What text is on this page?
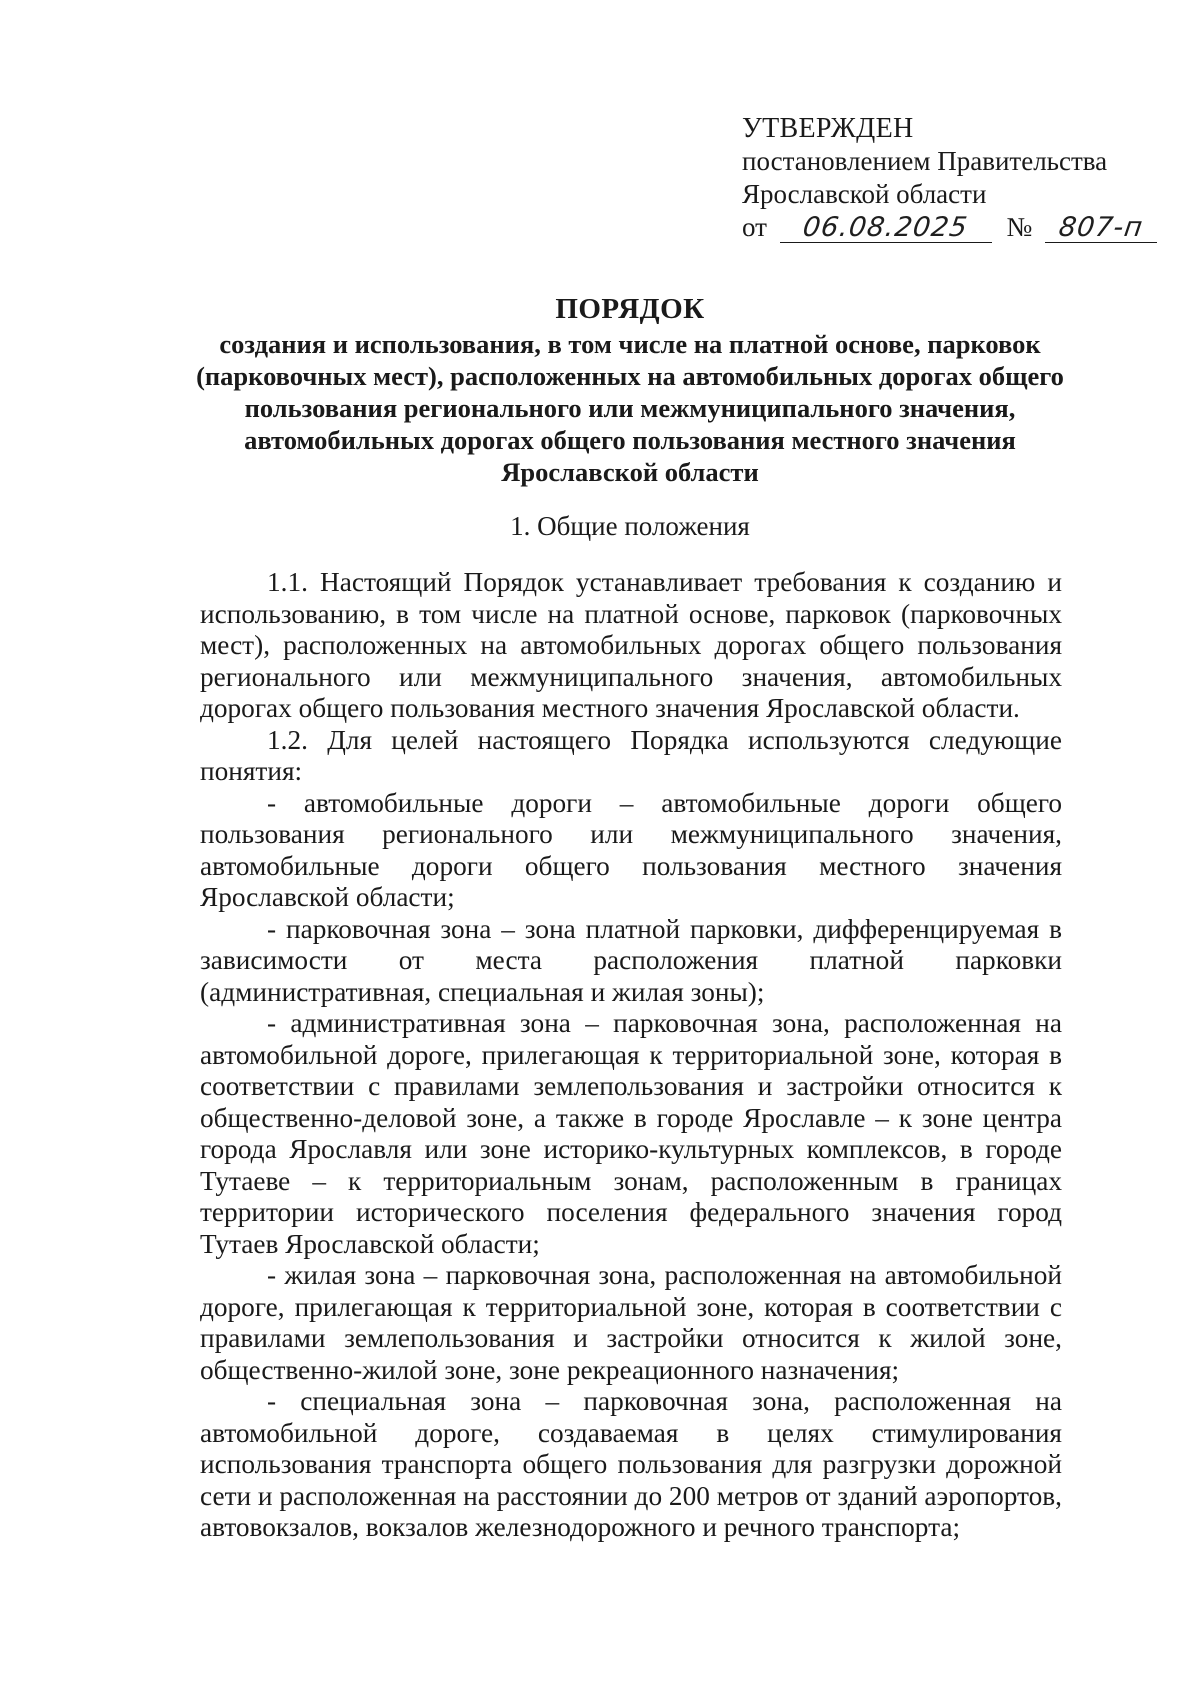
УТВЕРЖДЕН
постановлением Правительства
Ярославской области
от 06.08.2025 № 807-п
ПОРЯДОК
создания и использования, в том числе на платной основе, парковок (парковочных мест), расположенных на автомобильных дорогах общего пользования регионального или межмуниципального значения, автомобильных дорогах общего пользования местного значения Ярославской области
1. Общие положения

1.1. Настоящий Порядок устанавливает требования к созданию и использованию, в том числе на платной основе, парковок (парковочных мест), расположенных на автомобильных дорогах общего пользования регионального или межмуниципального значения, автомобильных дорогах общего пользования местного значения Ярославской области.

1.2. Для целей настоящего Порядка используются следующие понятия:

- автомобильные дороги – автомобильные дороги общего пользования регионального или межмуниципального значения, автомобильные дороги общего пользования местного значения Ярославской области;

- парковочная зона – зона платной парковки, дифференцируемая в зависимости от места расположения платной парковки (административная, специальная и жилая зоны);

- административная зона – парковочная зона, расположенная на автомобильной дороге, прилегающая к территориальной зоне, которая в соответствии с правилами землепользования и застройки относится к общественно-деловой зоне, а также в городе Ярославле – к зоне центра города Ярославля или зоне историко-культурных комплексов, в городе Тутаеве – к территориальным зонам, расположенным в границах территории исторического поселения федерального значения город Тутаев Ярославской области;

- жилая зона – парковочная зона, расположенная на автомобильной дороге, прилегающая к территориальной зоне, которая в соответствии с правилами землепользования и застройки относится к жилой зоне, общественно-жилой зоне, зоне рекреационного назначения;

- специальная зона – парковочная зона, расположенная на автомобильной дороге, создаваемая в целях стимулирования использования транспорта общего пользования для разгрузки дорожной сети и расположенная на расстоянии до 200 метров от зданий аэропортов, автовокзалов, вокзалов железнодорожного и речного транспорта;
